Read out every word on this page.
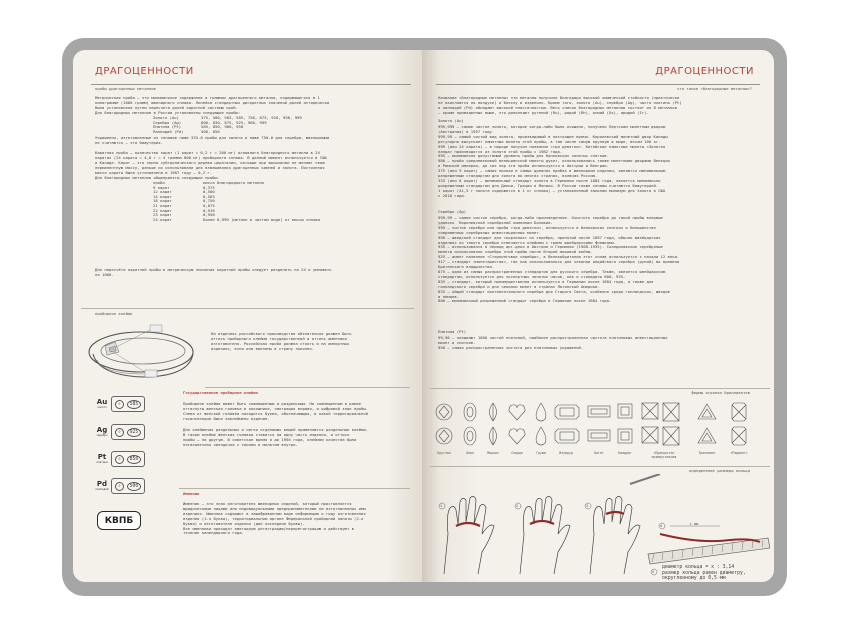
ДРАГОЦЕННОСТИ
пробы драгоценных металлов
Метрическая проба – это минимальное содержание в граммах драгоценного металла, содержащегося в 1
килограмме (1000 грамм) ювелирного сплава. Линейка стандартных дискретных значений долей исторически
была установлена путем пересчета долей каратной системы проб.
Для благородных металлов в России установлены следующие пробы:
Золото (Au)	375, 500, 583, 585, 750, 875, 916, 958, 999
Серебро (Ag)	800, 830, 875, 925, 960, 999
Платина (Pt)	585, 850, 900, 950
Палладий (Pd)	500, 850
Украшения, изготовленные из сплавов ниже 333-й пробы для золота и ниже 750-й для серебра, ювелирными
не считаются – это бижутерия.
Каратная проба – количество карат (1 карат = 0,2 г = 200 мг) основного благородного металла в 24
каратах (24 карата = 4,8 г = 4 грамма 800 мг) пробирного сплава. В данный момент используется в США
и Канаде. Карат – это зерна субтропического дерева цератонии, которые при высыхании не меняют свою
перманентную массу, раньше их использовали для взвешивания драгоценных камней и золота. Постоянная
масса карата была установлена в 1907 году – 0,2 г.
Для благородных металлов общеприняты следующие пробы:
проба	масса благородного металла
9 карат	0,375
12 карат	0,500
14 карат	0,583
18 карат	0,750
21 карат	0,875
22 карат	0,916
23 карат	0,958
24 карат	Более 0,999 (металл в чистом виде) от массы сплава
Для пересчёта каратной пробы в метрическую значения каратной пробы следует разделить на 24 и умножить
на 1000.
пробирное клеймо
На изделиях российского производства обязательно должен быть
оттиск пробирного клейма государственной и оттиск именника
изготовителя. Российская проба должна стоять и на импортных
изделиях, если они ввезены в страну законно.
Государственное пробирное клеймо
Пробирное клеймо может быть совмещенным и раздельным. На совмещенном в рамке
оттиснуты женская головка в кокошнике, смотрящая вправо, и цифровой знак пробы.
Слева от женской головки находится буква, обозначающая, в какой территориальной
госинспекции было заклеймено изделие.
Для клеймения раздельных и легко отделимых вещей применяются раздельные клейма.
В таком клейме женская головка ставится на одну часть изделия, а оттиск
пробы – на другую. В советское время и до 1994 года, клеймом качества была
пятиконечная звездочка с серпом и молотом внутри.
Au
золото
☺	585
Ag
серебро
☺	925
Pt
платина
☺	850
Pd
палладий
☺	500
Именник
Именник – это знак изготовителя ювелирных изделий, который проставляется
юридическими лицами или индивидуальными предпринимателями на изготовленных ими
изделиях. Именник содержит в зашифрованном виде информацию о году изготовления
изделия (1-я буква), территориальном органе Федеральной пробирной палаты (2-я
буква) и изготовителе изделия (две последние буквы).
Все именники проходят ежегодную регистрацию/перерегистрацию и действуют в
течение календарного года.
КВПБ
ДРАГОЦЕННОСТИ
что такое «благородные металлы»?
Название «благородные металлы» эти металлы получили благодаря высокой химической стойкости (практически
не окисляются на воздухе) и блеску в изделиях. Кроме того, золото (Au), серебро (Ag), часто платина (Pt)
и палладий (Pd) обладают высокой пластичностью. Весь список благородных металлов состоит из 8 металлов
– кроме приведенных выше, это дополняют рутений (Ru), родий (Rh), осмий (Os), иридий (Ir).
Золото (Au)
999,999 – самое чистое золото, которое когда-либо было очищено, получено Пертским монетным двором
(Австралия) в 1957 году.
999,99 – самый чистый вид золота, производимый в настоящее время. Королевский монетный двор Канады
регулярно выпускает памятные монеты этой пробы, в том числе самую крупную в мире, весом 100 кг.
999 (или 24 карата) – в народе получил название «три девятки». Китайские памятные монеты «Золотая
панда» производятся из золота этой пробы с 1982 года.
995 – минимально допустимый уровень пробы для банковских золотых слитков.
986 – проба средневековой венецианской монеты дукат, использовалась также монетными дворами Венеции
и Римской империи, до сих пор эта проба используется в Австрии и Венгрии.
375 (или 9 карат) – самая низкая в самых древних пробах в ювелирном изделии, являются минимальным
разрешенным стандартом для золота во многих странах, включая Россию.
333 (или 8 карат) – минимальный стандарт золота в Германии после 1884 года, является минимально
разрешенным стандартом для Дании, Греции и Монако. В России также сплавы считаются бижутерией.
1 карат (41,5 г золота содержится в 1 кг сплава) – установленный законом минимум для золота в США
с 2010 года.
Серебро (Ag)
999,99 – самое чистое серебро, когда-либо произведенное. Очистить серебро до такой пробы впервые
удалось  Королевской серебряной компании Боливии.
999 – чистое серебро или проба «три девятки», используется в банковских слитках и большинстве
современных серебряных инвестиционных монет.
958 – шведский стандарт для «корзинок» из серебра, принятый после 1697 года, обычно швейцарских
изделиях из такого серебра отмечается клеймом с тремя швейцарскими флажками.
935 – использовался в период арт-деко в Австрии и Германии (1908-1935). Скандинавские серебряные
монеты использовали серебро этой пробы после Второй мировой войны.
925 – имеет название «Стерлинговое серебро», в Великобритании этот сплав используется с начала 12 века.
917 – стандарт «монетаристов», так как использовалось для чеканки индийского серебра (рупий) во времена
Британского владычества.
875 – одна из самых распространенных стандартов для русского серебра. Также, является швейцарским
стандартом, используется для экспортных золотых часов, как и стандарты 800, 935.
835 – стандарт, который преимущественно используется в Германии после 1884 года, а также для
голландского серебра и для чеканки монет в странах Латинской Америки.
833 – общий стандарт континентального серебра для Старого Света, особенно среди голландских, шведов
и немцев.
800 – минимальный разрешенный стандарт серебра в Германии после 1884 года.
Платина (Pt)
99,96 – называют 1000 чистой платиной, наиболее распространенная чистота платиновых инвестиционных
монет и слитков.
950 – самая распространенная чистота для платиновых украшений.
формы огранки бриллиантов
Круглая	Овал	Маркиз	Сердце	Груша	Изумруд	Багет	Квадрат	«Принцесса» прямоугольная
Триллиант	«Радиант»
определение размера кольца
1	2	3
4
5
L мм
диаметр кольца = x : 3,14
размер кольца равен диаметру,
округленному до 0,5 мм
